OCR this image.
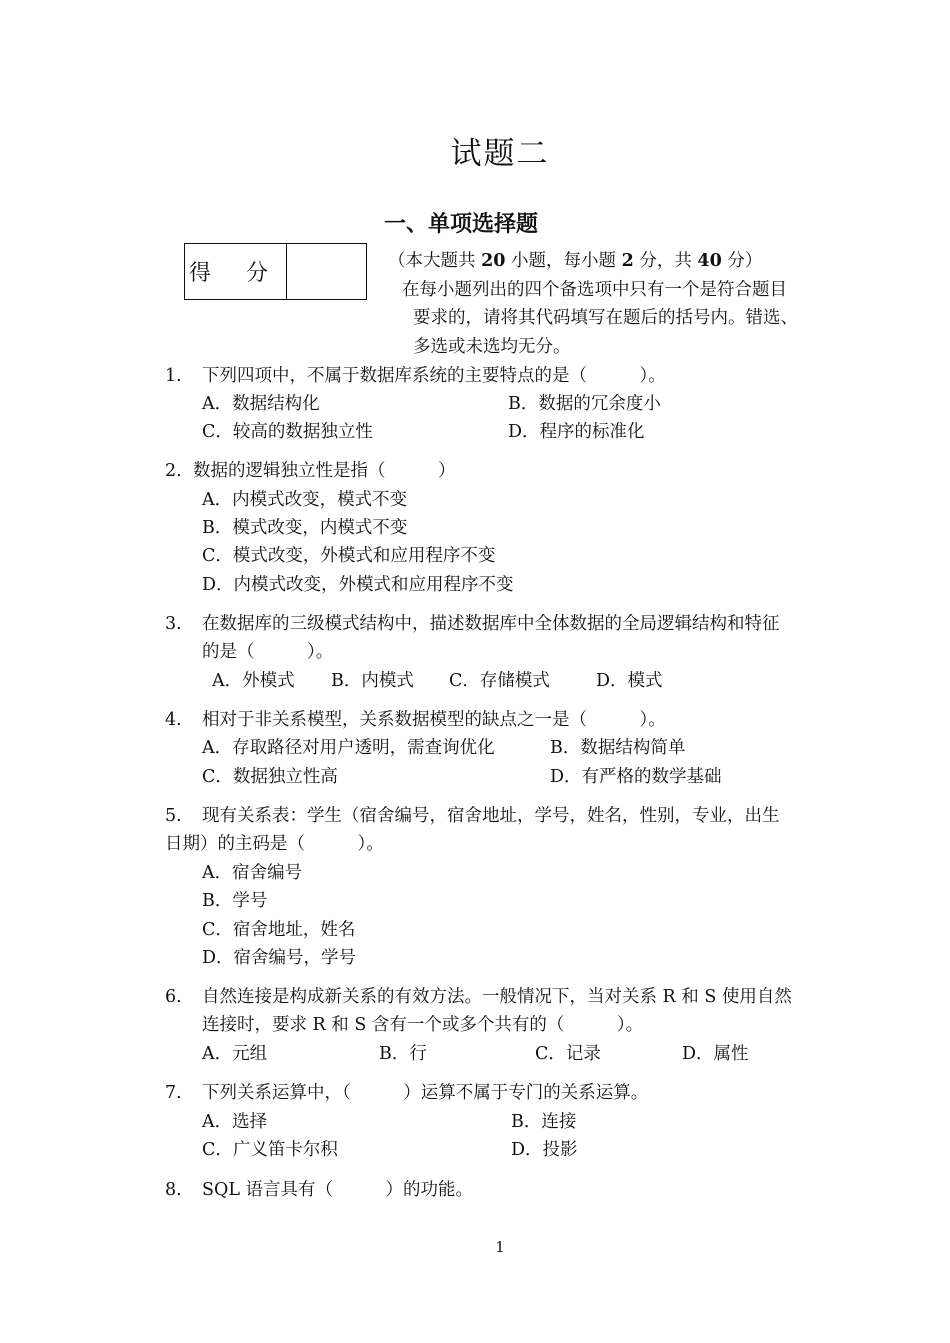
试题二
一、单项选择题
得 分	（本大题共 20 小题，每小题 2 分，共 40 分）
在每小题列出的四个备选项中只有一个是符合题目
要求的，请将其代码填写在题后的括号内。错选、
多选或未选均无分。
1. 下列四项中，不属于数据库系统的主要特点的是（　　　）。
A．数据结构化	B．数据的冗余度小
C．较高的数据独立性	D．程序的标准化
2. 数据的逻辑独立性是指（　　　）
A．内模式改变，模式不变
B．模式改变，内模式不变
C．模式改变，外模式和应用程序不变
D．内模式改变，外模式和应用程序不变
3. 在数据库的三级模式结构中，描述数据库中全体数据的全局逻辑结构和特征
的是（　　　）。
A．外模式 B．内模式 C．存储模式	D．模式
4. 相对于非关系模型，关系数据模型的缺点之一是（　　　）。
A．存取路径对用户透明，需查询优化	B．数据结构简单
C．数据独立性高	D．有严格的数学基础
5. 现有关系表：学生（宿舍编号，宿舍地址，学号，姓名，性别，专业，出生
日期）的主码是（　　　）。
A．宿舍编号
B．学号
C．宿舍地址，姓名
D．宿舍编号，学号
6. 自然连接是构成新关系的有效方法。一般情况下，当对关系 R 和 S 使用自然
连接时，要求 R 和 S 含有一个或多个共有的（　　　）。
A．元组	B．行	C．记录	D．属性
7. 下列关系运算中，（　　　）运算不属于专门的关系运算。
A．选择	B．连接
C．广义笛卡尔积	D．投影
8. SQL 语言具有（　　　）的功能。
1
